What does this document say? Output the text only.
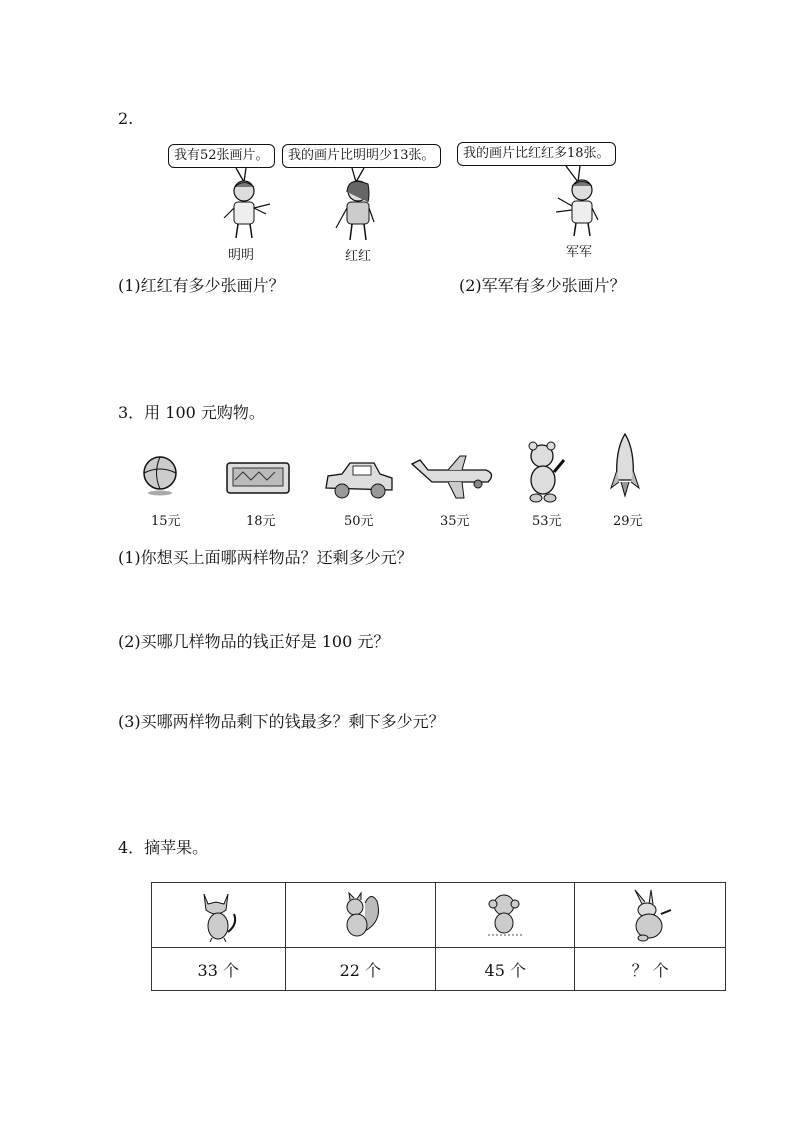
2.
我有52张画片。	我的画片比明明少13张。	我的画片比红红多18张。
明明	红红	军军
(1)红红有多少张画片？	(2)军军有多少张画片？
3．用 100 元购物。
15元	18元	50元	35元	53元	29元
(1)你想买上面哪两样物品？还剩多少元？
(2)买哪几样物品的钱正好是 100 元？
(3)买哪两样物品剩下的钱最多？剩下多少元？
4．摘苹果。

33 个	22 个	45 个	？ 个
